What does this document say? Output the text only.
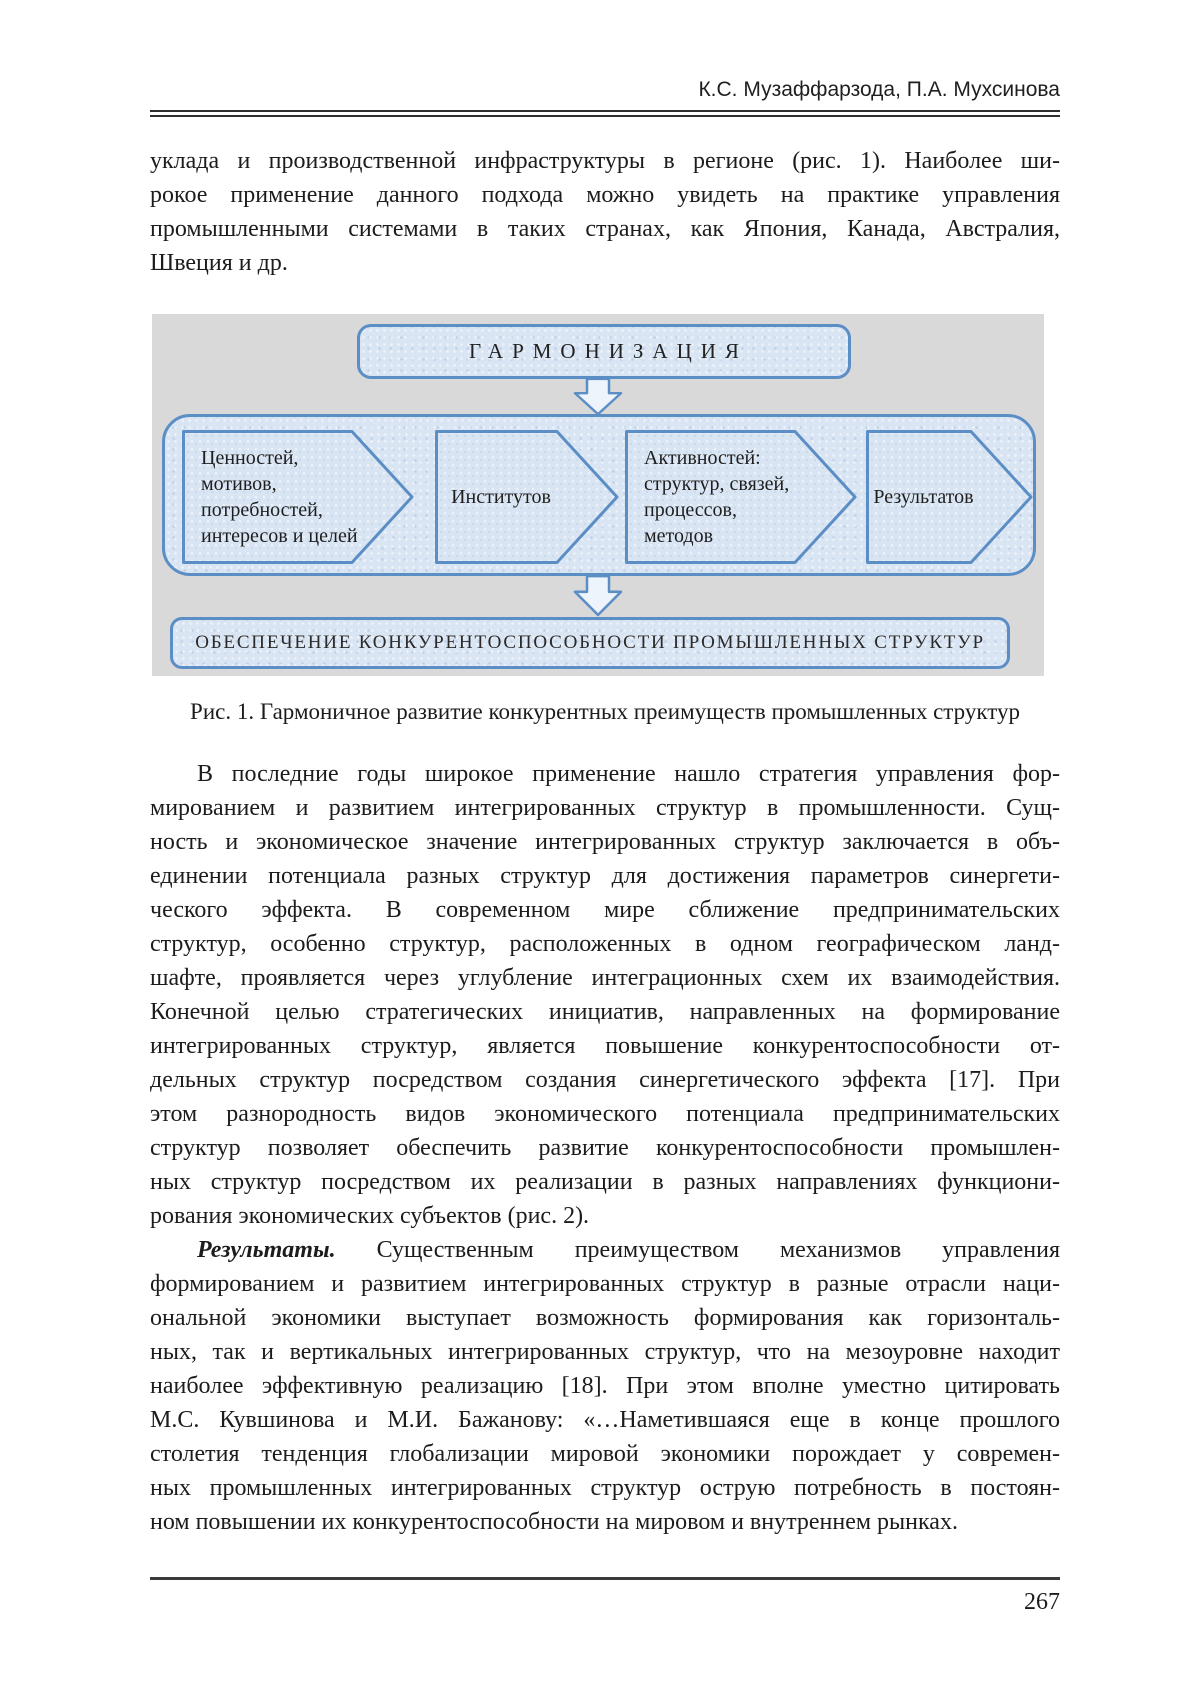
К.С. Музаффарзода, П.А. Мухсинова
уклада и производственной инфраструктуры в регионе (рис. 1). Наиболее ши-
рокое применение данного подхода можно увидеть на практике управления
промышленными системами в таких странах, как Япония, Канада, Австралия,
Швеция и др.
ГАРМОНИЗАЦИЯ
Ценностей,
мотивов,
потребностей,
интересов и целей
Институтов
Активностей:
структур, связей,
процессов,
методов
Результатов
ОБЕСПЕЧЕНИЕ КОНКУРЕНТОСПОСОБНОСТИ ПРОМЫШЛЕННЫХ СТРУКТУР
Рис. 1. Гармоничное развитие конкурентных преимуществ промышленных структур
В последние годы широкое применение нашло стратегия управления фор-
мированием и развитием интегрированных структур в промышленности. Сущ-
ность и экономическое значение интегрированных структур заключается в объ-
единении потенциала разных структур для достижения параметров синергети-
ческого эффекта. В современном мире сближение предпринимательских
структур, особенно структур, расположенных в одном географическом ланд-
шафте, проявляется через углубление интеграционных схем их взаимодействия.
Конечной целью стратегических инициатив, направленных на формирование
интегрированных структур, является повышение конкурентоспособности от-
дельных структур посредством создания синергетического эффекта [17]. При
этом разнородность видов экономического потенциала предпринимательских
структур позволяет обеспечить развитие конкурентоспособности промышлен-
ных структур посредством их реализации в разных направлениях функциони-
рования экономических субъектов (рис. 2).
Результаты. Существенным преимуществом механизмов управления
формированием и развитием интегрированных структур в разные отрасли наци-
ональной экономики выступает возможность формирования как горизонталь-
ных, так и вертикальных интегрированных структур, что на мезоуровне находит
наиболее эффективную реализацию [18]. При этом вполне уместно цитировать
М.С. Кувшинова и М.И. Бажанову: «…Наметившаяся еще в конце прошлого
столетия тенденция глобализации мировой экономики порождает у современ-
ных промышленных интегрированных структур острую потребность в постоян-
ном повышении их конкурентоспособности на мировом и внутреннем рынках.
267
